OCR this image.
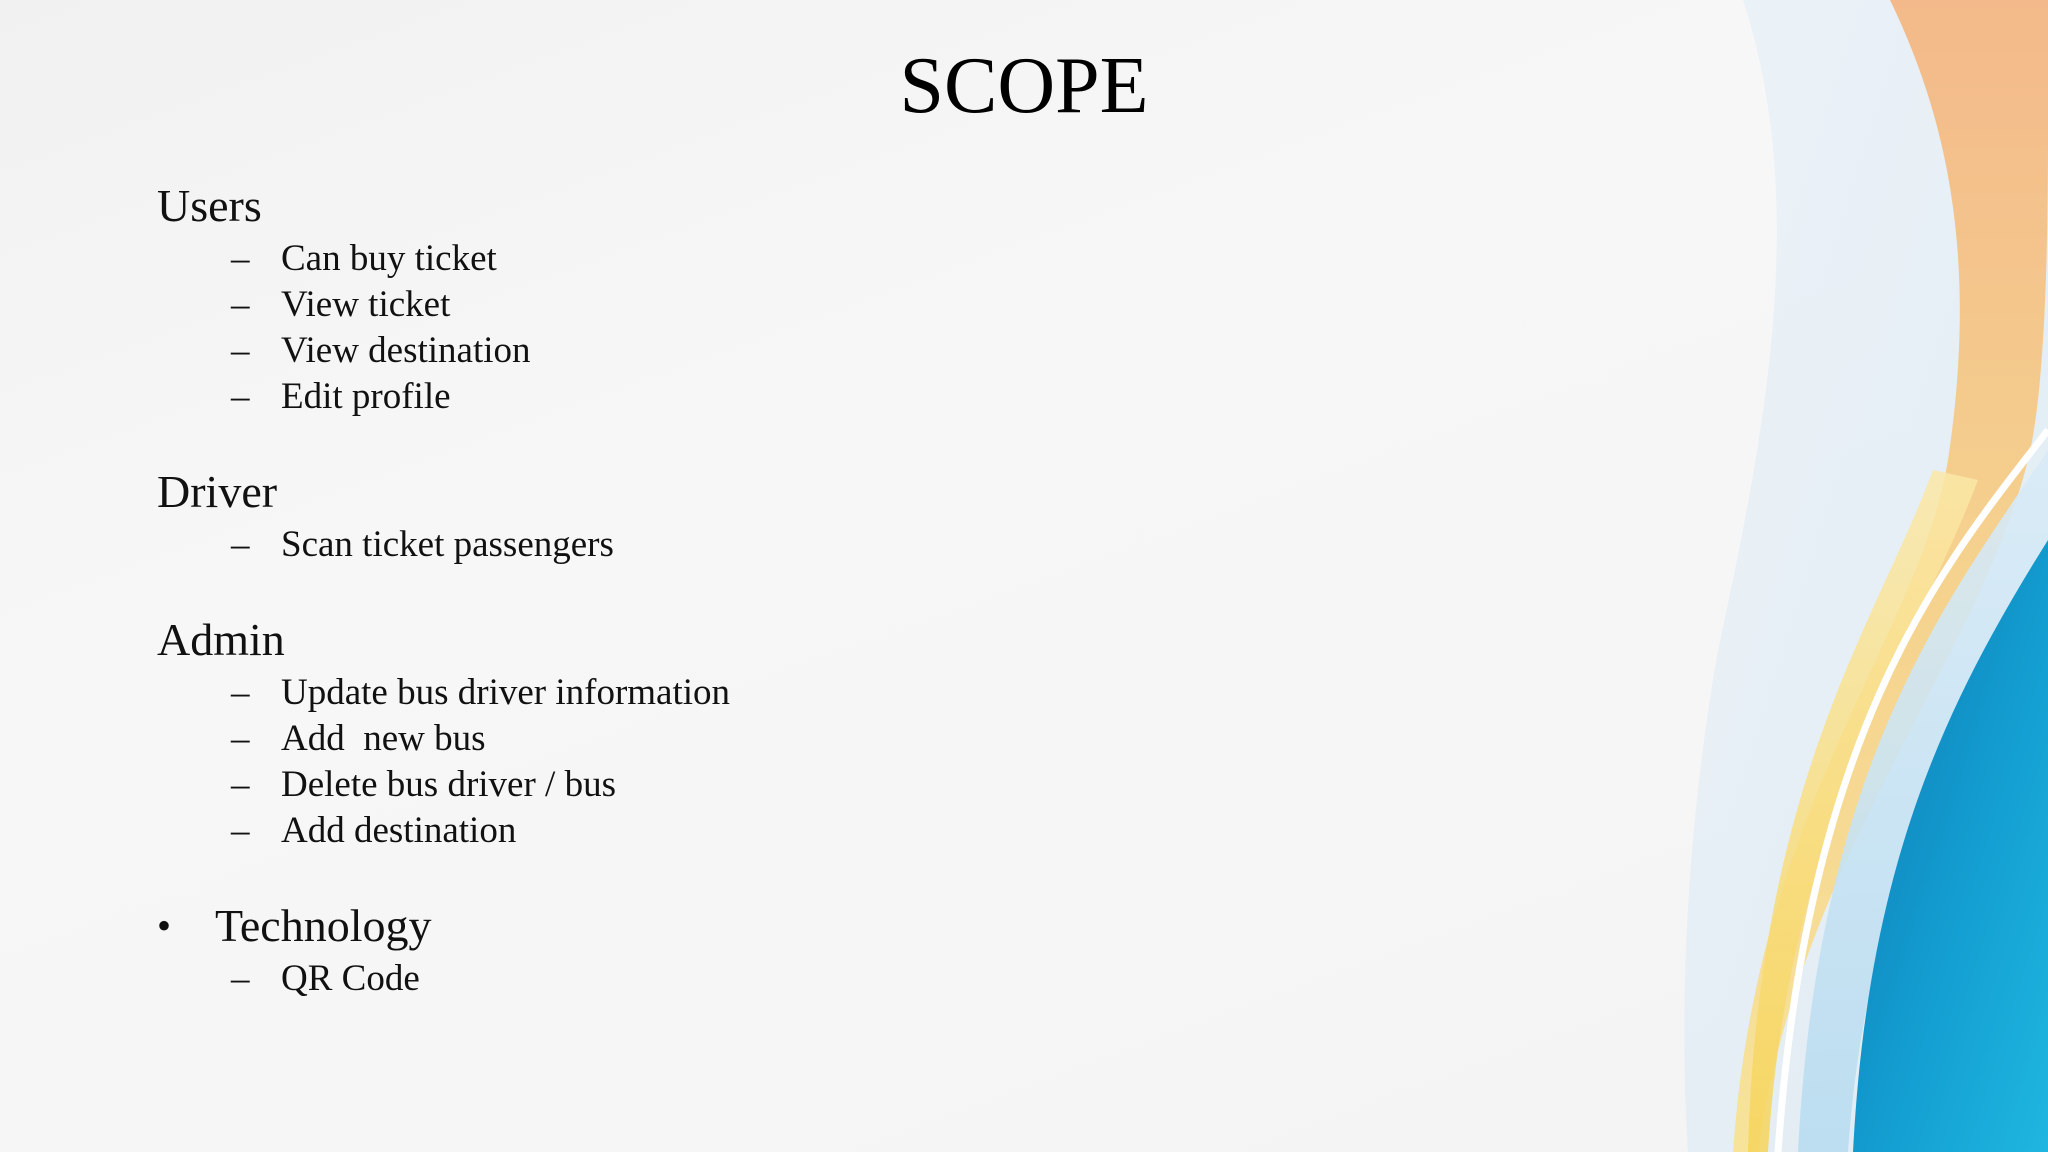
SCOPE
Users
– Can buy ticket
– View ticket
– View destination
– Edit profile
Driver
– Scan ticket passengers
Admin
– Update bus driver information
– Add  new bus
– Delete bus driver / bus
– Add destination
• Technology
– QR Code
